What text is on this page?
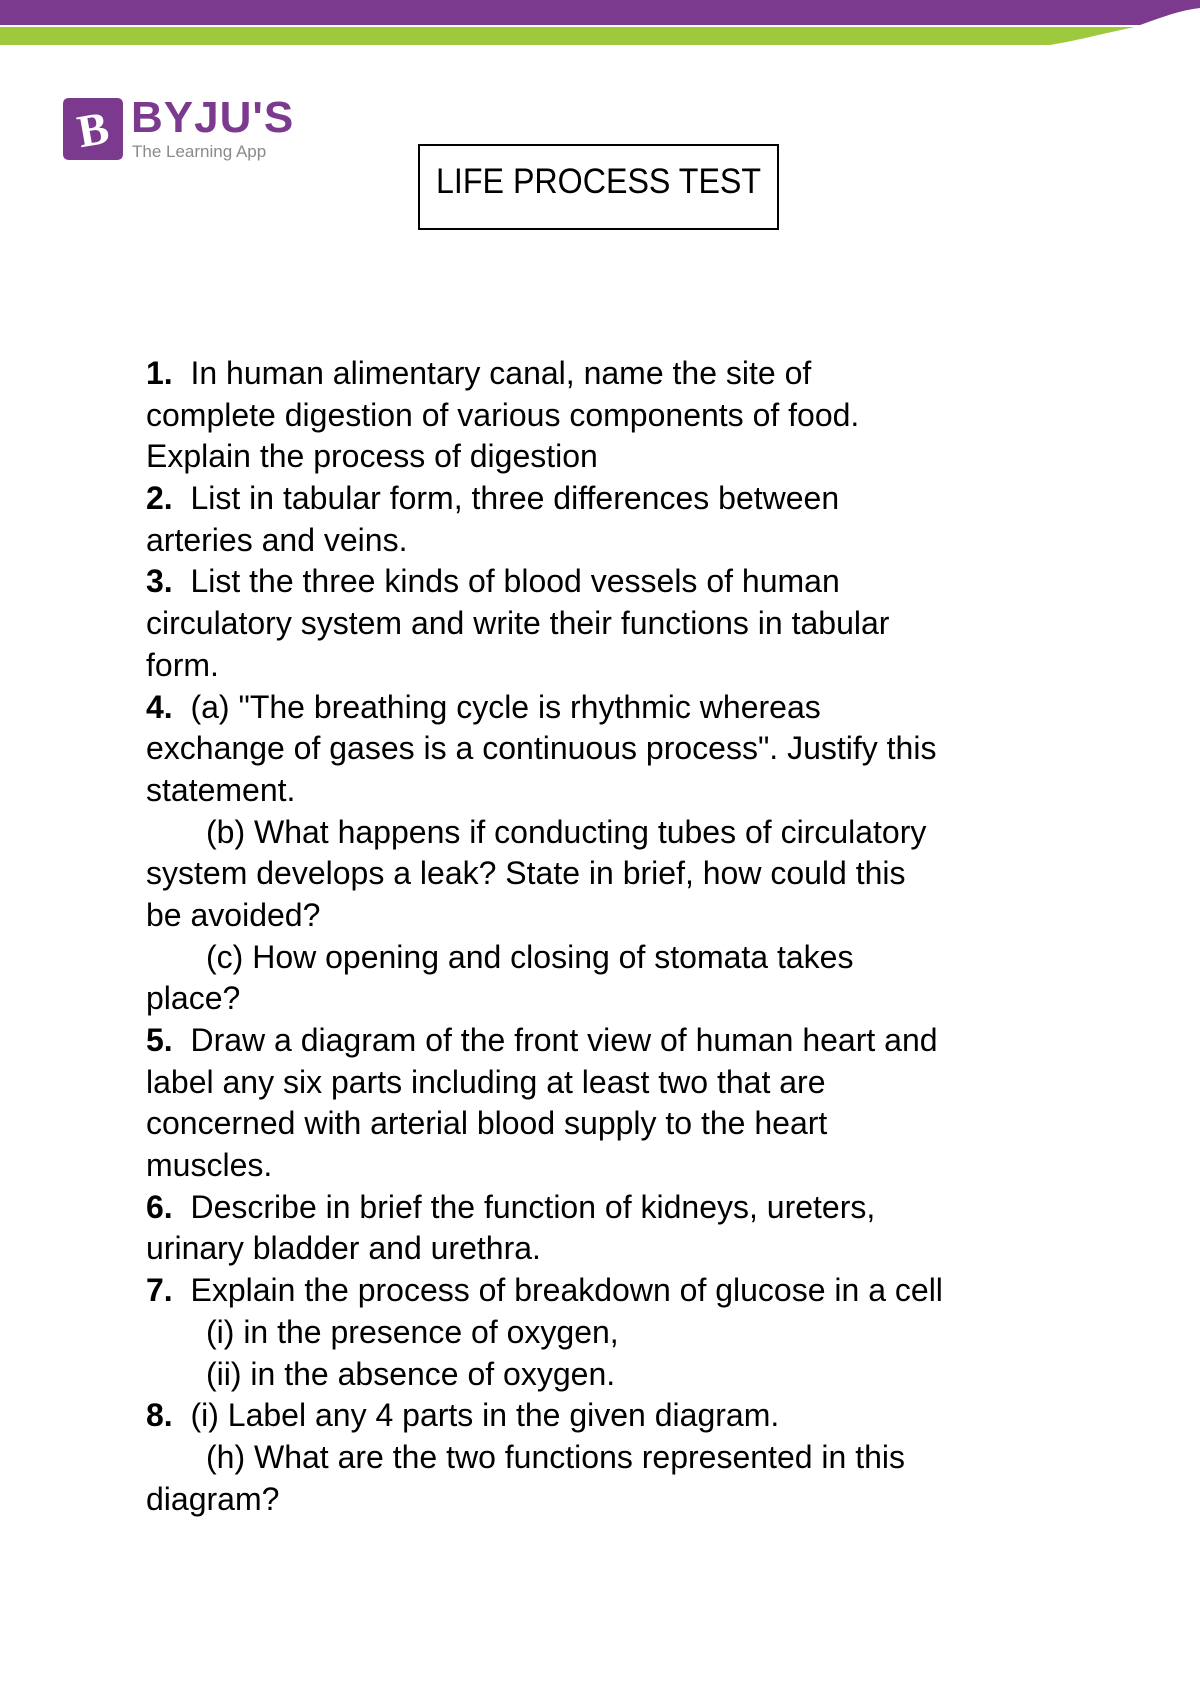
B BYJU'S
The Learning App
LIFE PROCESS TEST
1. In human alimentary canal, name the site of
complete digestion of various components of food.
Explain the process of digestion
2. List in tabular form, three differences between
arteries and veins.
3. List the three kinds of blood vessels of human
circulatory system and write their functions in tabular
form.
4. (a) "The breathing cycle is rhythmic whereas
exchange of gases is a continuous process". Justify this
statement.
(b) What happens if conducting tubes of circulatory
system develops a leak? State in brief, how could this
be avoided?
(c) How opening and closing of stomata takes
place?
5. Draw a diagram of the front view of human heart and
label any six parts including at least two that are
concerned with arterial blood supply to the heart
muscles.
6. Describe in brief the function of kidneys, ureters,
urinary bladder and urethra.
7. Explain the process of breakdown of glucose in a cell
(i) in the presence of oxygen,
(ii) in the absence of oxygen.
8. (i) Label any 4 parts in the given diagram.
(h) What are the two functions represented in this
diagram?
